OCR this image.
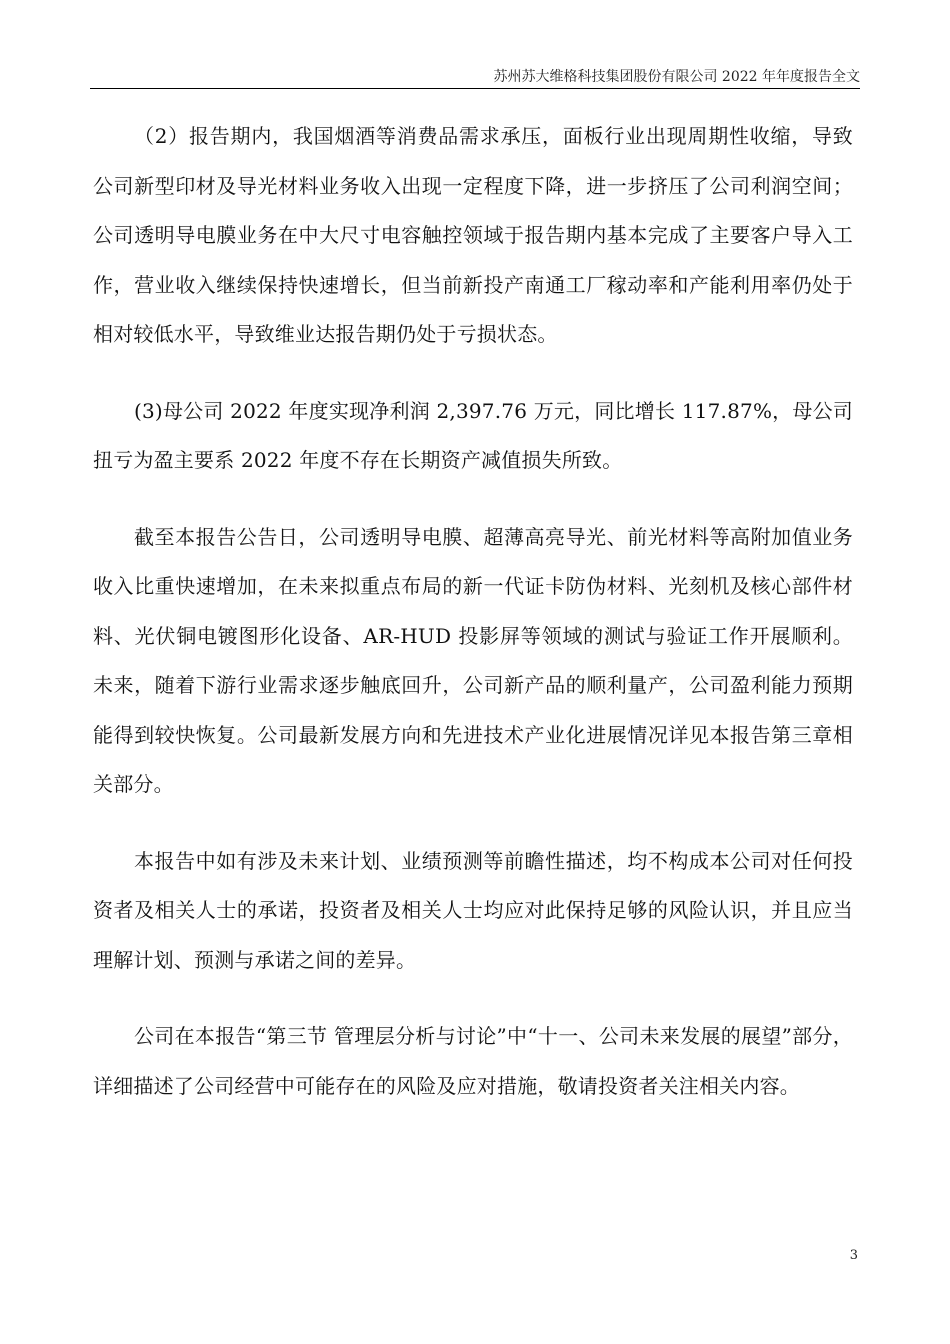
苏州苏大维格科技集团股份有限公司 2022 年年度报告全文

（2）报告期内，我国烟酒等消费品需求承压，面板行业出现周期性收缩，导致公司新型印材及导光材料业务收入出现一定程度下降，进一步挤压了公司利润空间；公司透明导电膜业务在中大尺寸电容触控领域于报告期内基本完成了主要客户导入工作，营业收入继续保持快速增长，但当前新投产南通工厂稼动率和产能利用率仍处于相对较低水平，导致维业达报告期仍处于亏损状态。

(3)母公司 2022 年度实现净利润 2,397.76 万元，同比增长 117.87%，母公司扭亏为盈主要系 2022 年度不存在长期资产减值损失所致。

截至本报告公告日，公司透明导电膜、超薄高亮导光、前光材料等高附加值业务收入比重快速增加，在未来拟重点布局的新一代证卡防伪材料、光刻机及核心部件材料、光伏铜电镀图形化设备、AR-HUD 投影屏等领域的测试与验证工作开展顺利。未来，随着下游行业需求逐步触底回升，公司新产品的顺利量产，公司盈利能力预期能得到较快恢复。公司最新发展方向和先进技术产业化进展情况详见本报告第三章相关部分。

本报告中如有涉及未来计划、业绩预测等前瞻性描述，均不构成本公司对任何投资者及相关人士的承诺，投资者及相关人士均应对此保持足够的风险认识，并且应当理解计划、预测与承诺之间的差异。

公司在本报告“第三节 管理层分析与讨论”中“十一、公司未来发展的展望”部分，详细描述了公司经营中可能存在的风险及应对措施，敬请投资者关注相关内容。

3
